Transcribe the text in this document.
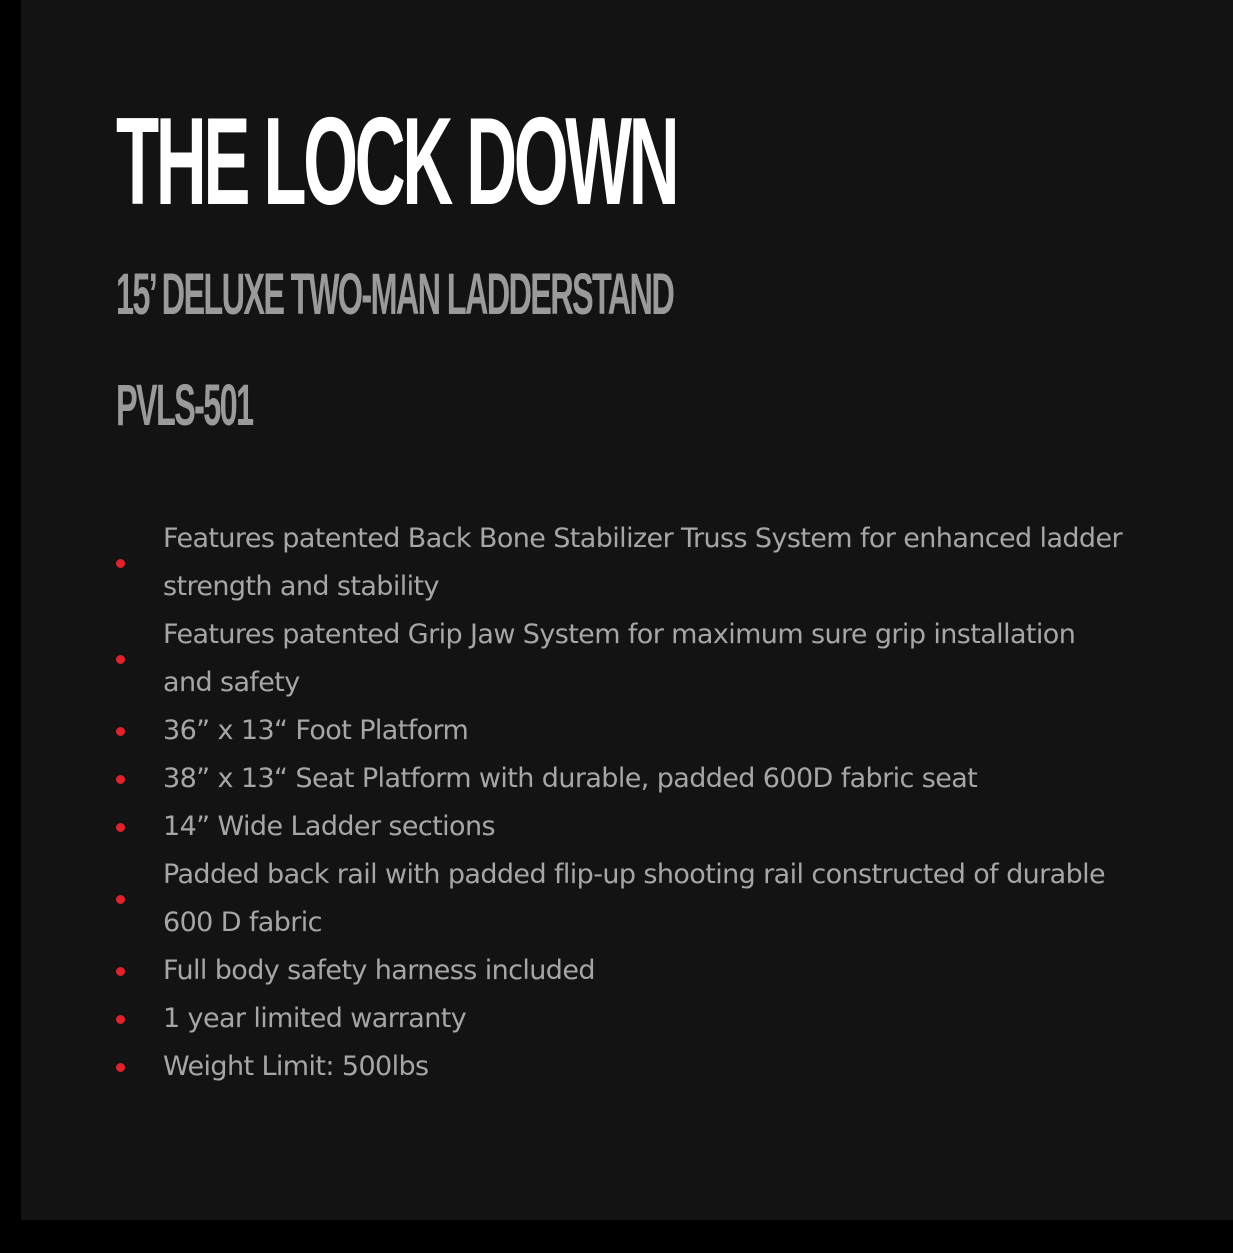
THE LOCK DOWN
15’ DELUXE TWO-MAN LADDERSTAND
PVLS-501
Features patented Back Bone Stabilizer Truss System for enhanced ladder strength and stability
Features patented Grip Jaw System for maximum sure grip installation and safety
36” x 13“ Foot Platform
38” x 13“ Seat Platform with durable, padded 600D fabric seat
14” Wide Ladder sections
Padded back rail with padded flip-up shooting rail constructed of durable 600 D fabric
Full body safety harness included
1 year limited warranty
Weight Limit: 500lbs
